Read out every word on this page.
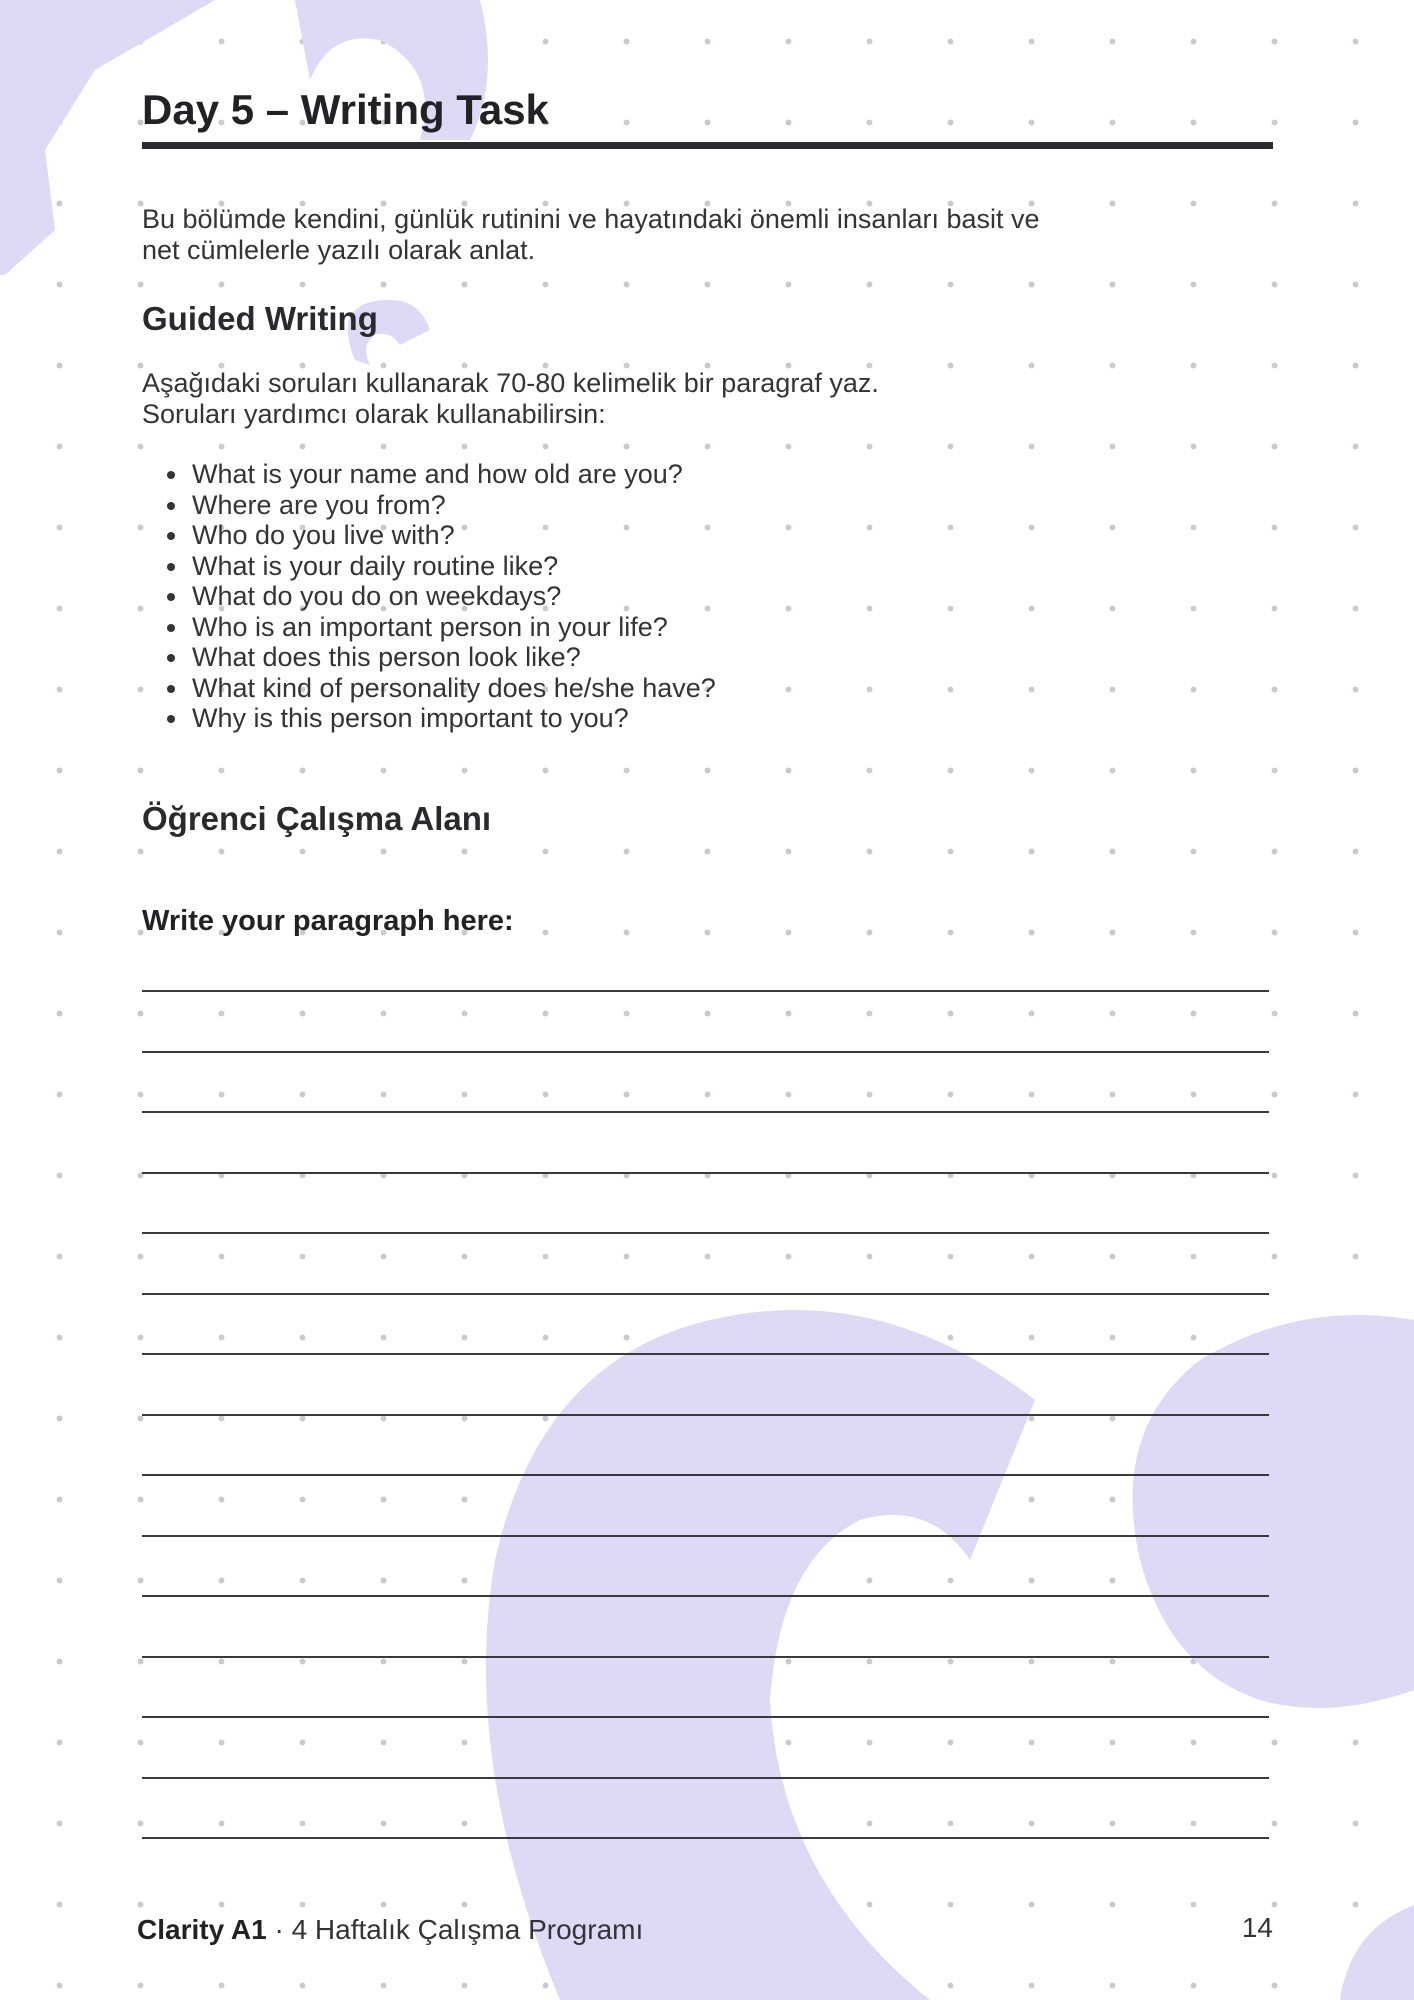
Day 5 – Writing Task

Bu bölümde kendini, günlük rutinini ve hayatındaki önemli insanları basit ve
net cümlelerle yazılı olarak anlat.

Guided Writing

Aşağıdaki soruları kullanarak 70-80 kelimelik bir paragraf yaz.
Soruları yardımcı olarak kullanabilirsin:

• What is your name and how old are you?
• Where are you from?
• Who do you live with?
• What is your daily routine like?
• What do you do on weekdays?
• Who is an important person in your life?
• What does this person look like?
• What kind of personality does he/she have?
• Why is this person important to you?
Öğrenci Çalışma Alanı

Write your paragraph here:

Clarity A1 · 4 Haftalık Çalışma Programı	14
